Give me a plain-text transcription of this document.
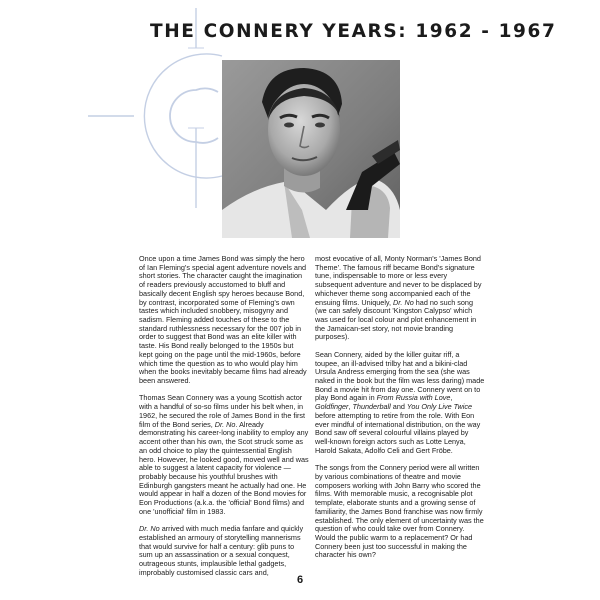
THE CONNERY YEARS: 1962 - 1967

Once upon a time James Bond was simply the hero of Ian Fleming's special agent adventure novels and short stories. The character caught the imagination of readers previously accustomed to bluff and basically decent English spy heroes because Bond, by contrast, incorporated some of Fleming's own tastes which included snobbery, misogyny and sadism. Fleming added touches of these to the standard ruthlessness necessary for the 007 job in order to suggest that Bond was an elite killer with taste. His Bond really belonged to the 1950s but kept going on the page until the mid-1960s, before which time the question as to who would play him when the books inevitably became films had already been answered.

Thomas Sean Connery was a young Scottish actor with a handful of so-so films under his belt when, in 1962, he secured the role of James Bond in the first film of the Bond series, Dr. No. Already demonstrating his career-long inability to employ any accent other than his own, the Scot struck some as an odd choice to play the quintessential English hero. However, he looked good, moved well and was able to suggest a latent capacity for violence — probably because his youthful brushes with Edinburgh gangsters meant he actually had one. He would appear in half a dozen of the Bond movies for Eon Productions (a.k.a. the 'official' Bond films) and one 'unofficial' film in 1983.

Dr. No arrived with much media fanfare and quickly established an armoury of storytelling mannerisms that would survive for half a century: glib puns to sum up an assassination or a sexual conquest, outrageous stunts, implausible lethal gadgets, improbably customised classic cars and,

most evocative of all, Monty Norman's 'James Bond Theme'. The famous riff became Bond's signature tune, indispensable to more or less every subsequent adventure and never to be displaced by whichever theme song accompanied each of the ensuing films. Uniquely, Dr. No had no such song (we can safely discount 'Kingston Calypso' which was used for local colour and plot enhancement in the Jamaican-set story, not movie branding purposes).

Sean Connery, aided by the killer guitar riff, a toupee, an ill-advised trilby hat and a bikini-clad Ursula Andress emerging from the sea (she was naked in the book but the film was less daring) made Bond a movie hit from day one. Connery went on to play Bond again in From Russia with Love, Goldfinger, Thunderball and You Only Live Twice before attempting to retire from the role. With Eon ever mindful of international distribution, on the way Bond saw off several colourful villains played by well-known foreign actors such as Lotte Lenya, Harold Sakata, Adolfo Celi and Gert Fröbe.

The songs from the Connery period were all written by various combinations of theatre and movie composers working with John Barry who scored the films. With memorable music, a recognisable plot template, elaborate stunts and a growing sense of familiarity, the James Bond franchise was now firmly established. The only element of uncertainty was the question of who could take over from Connery. Would the public warm to a replacement? Or had Connery been just too successful in making the character his own?

6
